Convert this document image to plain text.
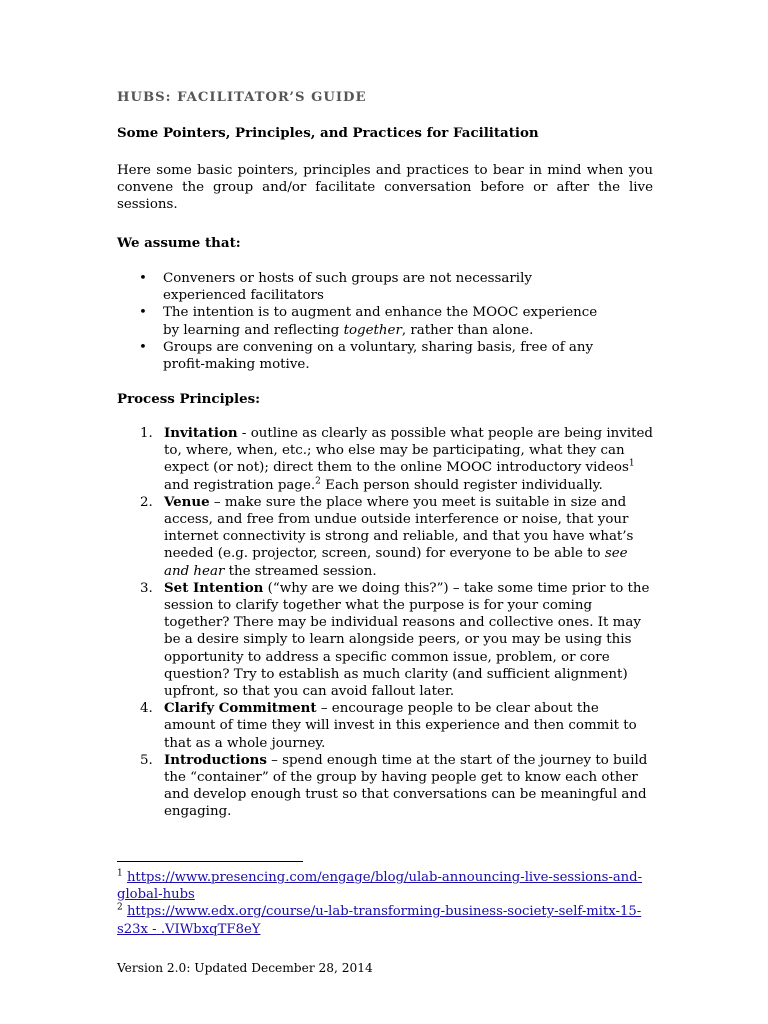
HUBS: FACILITATOR’S GUIDE
Some Pointers, Principles, and Practices for Facilitation
Here some basic pointers, principles and practices to bear in mind when you convene the group and/or facilitate conversation before or after the live sessions.
We assume that:
• Conveners or hosts of such groups are not necessarily experienced facilitators
• The intention is to augment and enhance the MOOC experience by learning and reflecting together, rather than alone.
• Groups are convening on a voluntary, sharing basis, free of any profit-making motive.
Process Principles:
1. Invitation - outline as clearly as possible what people are being invited to, where, when, etc.; who else may be participating, what they can expect (or not); direct them to the online MOOC introductory videos$^1$ and registration page.$^2$ Each person should register individually.
2. Venue – make sure the place where you meet is suitable in size and access, and free from undue outside interference or noise, that your internet connectivity is strong and reliable, and that you have what’s needed (e.g. projector, screen, sound) for everyone to be able to see and hear the streamed session.
3. Set Intention (“why are we doing this?”) – take some time prior to the session to clarify together what the purpose is for your coming together? There may be individual reasons and collective ones. It may be a desire simply to learn alongside peers, or you may be using this opportunity to address a specific common issue, problem, or core question? Try to establish as much clarity (and sufficient alignment) upfront, so that you can avoid fallout later.
4. Clarify Commitment – encourage people to be clear about the amount of time they will invest in this experience and then commit to that as a whole journey.
5. Introductions – spend enough time at the start of the journey to build the “container” of the group by having people get to know each other and develop enough trust so that conversations can be meaningful and engaging.
$^1$ https://www.presencing.com/engage/blog/ulab-announcing-live-sessions-and-global-hubs
$^2$ https://www.edx.org/course/u-lab-transforming-business-society-self-mitx-15-s23x - .VIWbxqTF8eY
Version 2.0: Updated December 28, 2014
